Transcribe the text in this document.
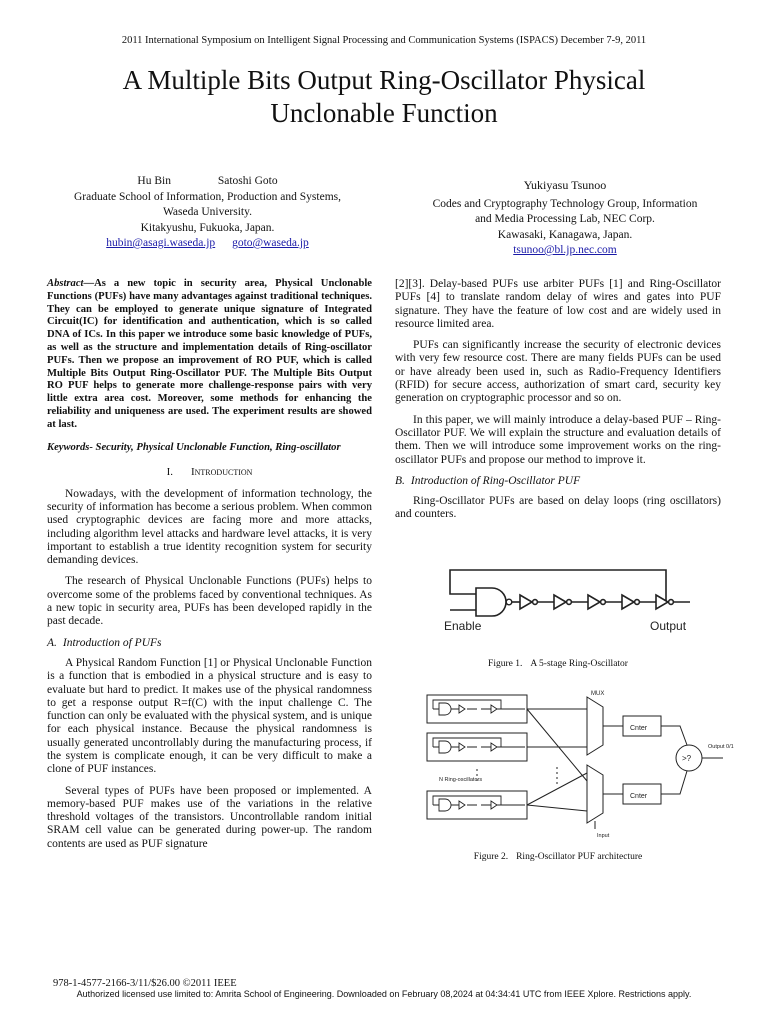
2011 International Symposium on Intelligent Signal Processing and Communication Systems (ISPACS) December 7-9, 2011
A Multiple Bits Output Ring-Oscillator Physical
Unclonable Function
Hu Bin	Satoshi Goto
Graduate School of Information, Production and Systems,
Waseda University.
Kitakyushu, Fukuoka, Japan.
hubin@asagi.waseda.jp goto@waseda.jp
Yukiyasu Tsunoo
Codes and Cryptography Technology Group, Information
and Media Processing Lab, NEC Corp.
Kawasaki, Kanagawa, Japan.
tsunoo@bl.jp.nec.com

Abstract—As a new topic in security area, Physical Unclonable Functions (PUFs) have many advantages against traditional techniques. They can be employed to generate unique signature of Integrated Circuit(IC) for identification and authentication, which is so called DNA of ICs. In this paper we introduce some basic knowledge of PUFs, as well as the structure and implementation details of Ring-oscillator PUFs. Then we propose an improvement of RO PUF, which is called Multiple Bits Output Ring-Oscillator PUF. The Multiple Bits Output RO PUF helps to generate more challenge-response pairs with very little extra area cost. Moreover, some methods for enhancing the reliability and uniqueness are used. The experiment results are showed at last.

Keywords- Security, Physical Unclonable Function, Ring-oscillator

I. Introduction

Nowadays, with the development of information technology, the security of information has become a serious problem. When common used cryptographic devices are facing more and more attacks, including algorithm level attacks and hardware level attacks, it is very important to establish a true identity recognition system for security demanding devices.

The research of Physical Unclonable Functions (PUFs) helps to overcome some of the problems faced by conventional techniques. As a new topic in security area, PUFs has been developed rapidly in the past decade.

A. Introduction of PUFs

A Physical Random Function [1] or Physical Unclonable Function is a function that is embodied in a physical structure and is easy to evaluate but hard to predict. It makes use of the physical randomness to get a response output R=f(C) with the input challenge C. The function can only be evaluated with the physical system, and is unique for each physical instance. Because the physical randomness is usually generated uncontrollably during the manufacturing process, if the system is complicate enough, it can be very difficult to make a clone of PUF instances.

Several types of PUFs have been proposed or implemented. A memory-based PUF makes use of the variations in the relative threshold voltages of the transistors. Uncontrollable random initial SRAM cell value can be generated during power-up. The random contents are used as PUF signature

[2][3]. Delay-based PUFs use arbiter PUFs [1] and Ring-Oscillator PUFs [4] to translate random delay of wires and gates into PUF signature. They have the feature of low cost and are widely used in resource limited area.

PUFs can significantly increase the security of electronic devices with very few resource cost. There are many fields PUFs can be used or have already been used in, such as Radio-Frequency Identifiers (RFID) for secure access, authorization of smart card, security key generation on cryptographic processor and so on.

In this paper, we will mainly introduce a delay-based PUF – Ring-Oscillator PUF. We will explain the structure and evaluation details of them. Then we will introduce some improvement works on the ring-oscillator PUFs and propose our method to improve it.

B. Introduction of Ring-Oscillator PUF

Ring-Oscillator PUFs are based on delay loops (ring oscillators) and counters.

Enable	Output
Figure 1. A 5-stage Ring-Oscillator
MUX
Cnter
Cnter
>?
Output 0/1
N Ring-oscillators
Input
Figure 2. Ring-Oscillator PUF architecture
978-1-4577-2166-3/11/$26.00 ©2011 IEEE
Authorized licensed use limited to: Amrita School of Engineering. Downloaded on February 08,2024 at 04:34:41 UTC from IEEE Xplore. Restrictions apply.
